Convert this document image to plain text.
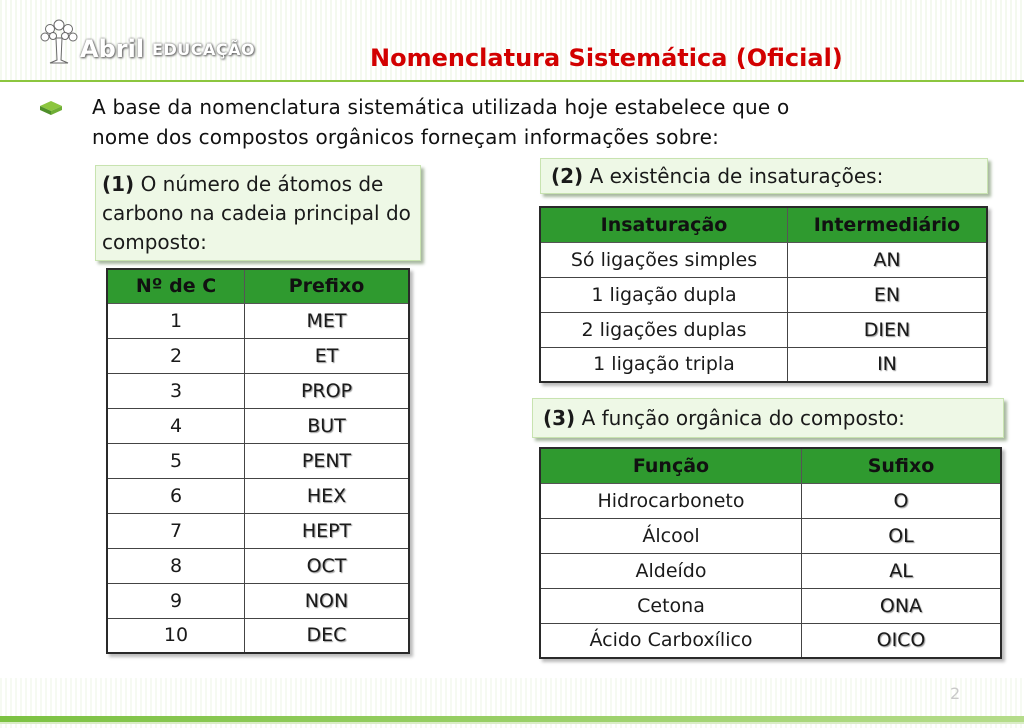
Abril EDUCAÇÃO	Nomenclatura Sistemática (Oficial)
A base da nomenclatura sistemática utilizada hoje estabelece que o
nome dos compostos orgânicos forneçam informações sobre:
(1) O número de átomos de carbono na cadeia principal do composto:
(2) A existência de insaturações:
(3) A função orgânica do composto:
Nº de C	Prefixo
1	MET
2	ET
3	PROP
4	BUT
5	PENT
6	HEX
7	HEPT
8	OCT
9	NON
10	DEC
Insaturação	Intermediário
Só ligações simples	AN
1 ligação dupla	EN
2 ligações duplas	DIEN
1 ligação tripla	IN
Função	Sufixo
Hidrocarboneto	O
Álcool	OL
Aldeído	AL
Cetona	ONA
Ácido Carboxílico	OICO
2
